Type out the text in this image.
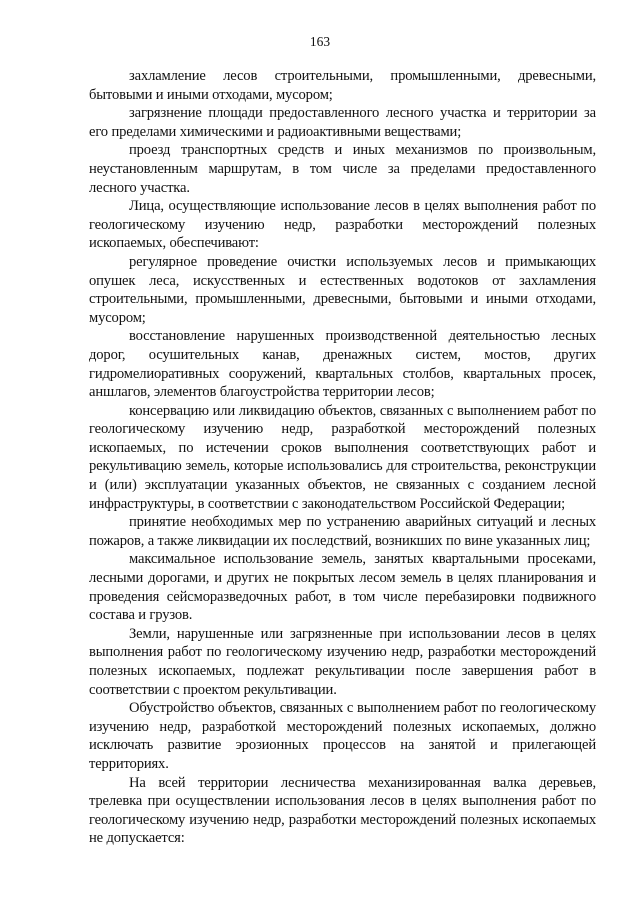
163

захламление лесов строительными, промышленными, древесными, бытовыми и иными отходами, мусором;

загрязнение площади предоставленного лесного участка и территории за его пределами химическими и радиоактивными веществами;

проезд транспортных средств и иных механизмов по произвольным, неустановленным маршрутам, в том числе за пределами предоставленного лесного участка.

Лица, осуществляющие использование лесов в целях выполнения работ по геологическому изучению недр, разработки месторождений полезных ископаемых, обеспечивают:

регулярное проведение очистки используемых лесов и примыкающих опушек леса, искусственных и естественных водотоков от захламления строительными, промышленными, древесными, бытовыми и иными отходами, мусором;

восстановление нарушенных производственной деятельностью лесных дорог, осушительных канав, дренажных систем, мостов, других гидромелиоративных сооружений, квартальных столбов, квартальных просек, аншлагов, элементов благоустройства территории лесов;

консервацию или ликвидацию объектов, связанных с выполнением работ по геологическому изучению недр, разработкой месторождений полезных ископаемых, по истечении сроков выполнения соответствующих работ и рекультивацию земель, которые использовались для строительства, реконструкции и (или) эксплуатации указанных объектов, не связанных с созданием лесной инфраструктуры, в соответствии с законодательством Российской Федерации;

принятие необходимых мер по устранению аварийных ситуаций и лесных пожаров, а также ликвидации их последствий, возникших по вине указанных лиц;

максимальное использование земель, занятых квартальными просеками, лесными дорогами, и других не покрытых лесом земель в целях планирования и проведения сейсморазведочных работ, в том числе перебазировки подвижного состава и грузов.

Земли, нарушенные или загрязненные при использовании лесов в целях выполнения работ по геологическому изучению недр, разработки месторождений полезных ископаемых, подлежат рекультивации после завершения работ в соответствии с проектом рекультивации.

Обустройство объектов, связанных с выполнением работ по геологическому изучению недр, разработкой месторождений полезных ископаемых, должно исключать развитие эрозионных процессов на занятой и прилегающей территориях.

На всей территории лесничества механизированная валка деревьев, трелевка при осуществлении использования лесов в целях выполнения работ по геологическому изучению недр, разработки месторождений полезных ископаемых не допускается:
